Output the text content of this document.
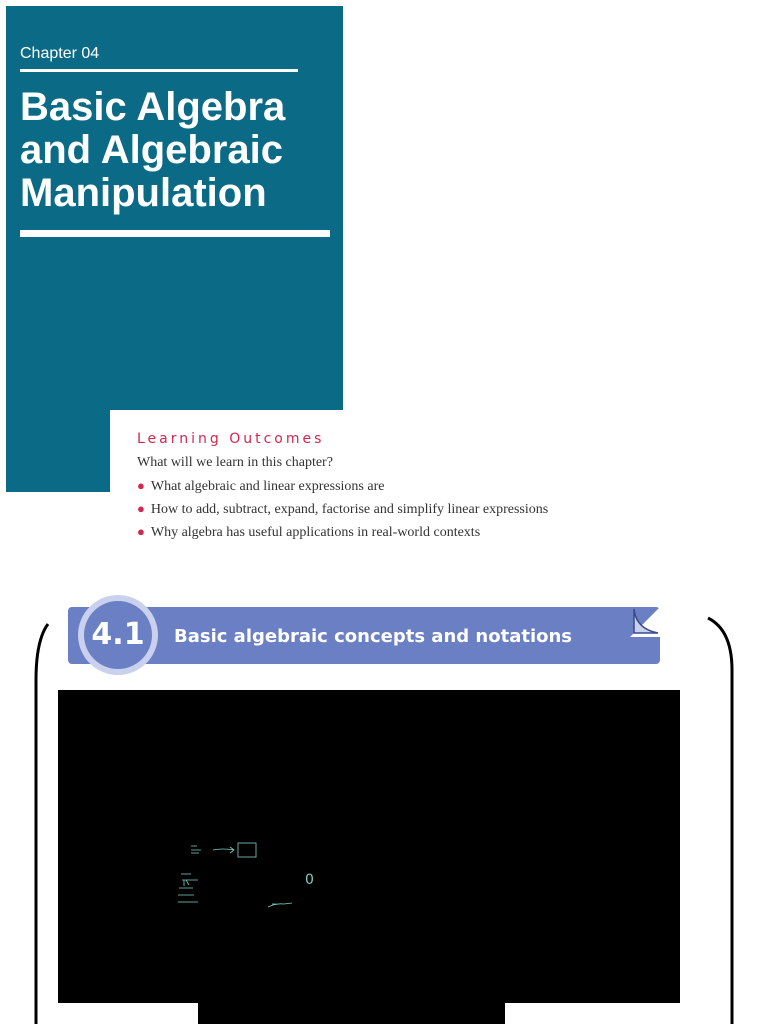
Chapter 04
Basic Algebra
and Algebraic
Manipulation
Learning Outcomes
What will we learn in this chapter?
● What algebraic and linear expressions are
● How to add, subtract, expand, factorise and simplify linear expressions
● Why algebra has useful applications in real-world contexts
4.1	Basic algebraic concepts and notations
0
